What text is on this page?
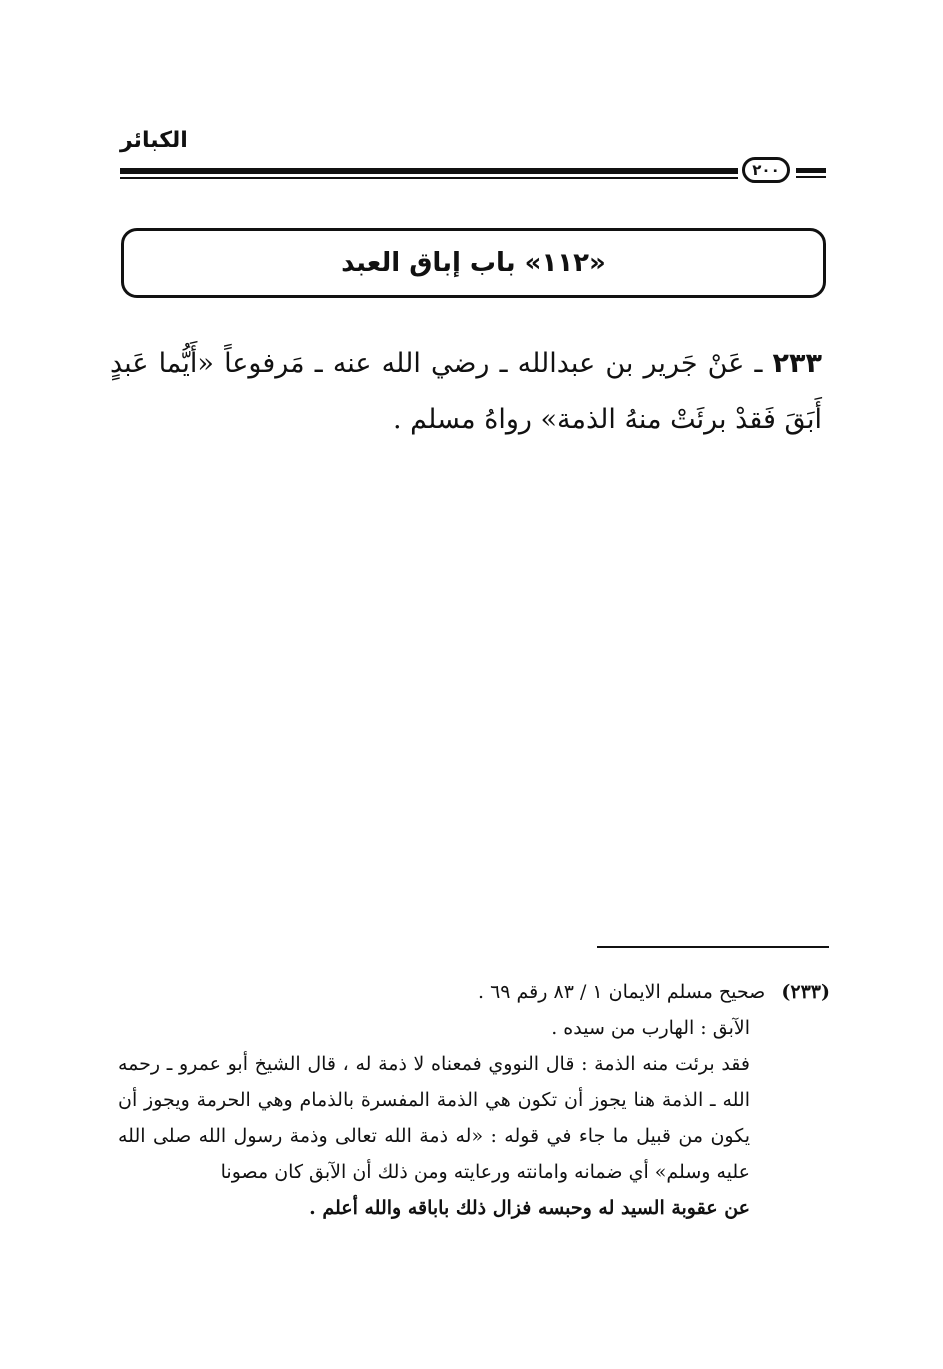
الكبائر
٢٠٠
«١١٢» باب إباق العبد
٢٣٣ ـ عَنْ جَرير بن عبدالله ـ رضي الله عنه ـ مَرفوعاً «أَيُّما عَبدٍ أَبَقَ فَقدْ برئَتْ منهُ الذمة» رواهُ مسلم .
(٢٣٣) صحيح مسلم الايمان ١ / ٨٣ رقم ٦٩ .
الآبق : الهارب من سيده .
فقد برئت منه الذمة : قال النووي فمعناه لا ذمة له ، قال الشيخ أبو عمرو ـ رحمه الله ـ الذمة هنا يجوز أن تكون هي الذمة المفسرة بالذمام وهي الحرمة ويجوز أن يكون من قبيل ما جاء في قوله : «له ذمة الله تعالى وذمة رسول الله صلى الله عليه وسلم» أي ضمانه وامانته ورعايته ومن ذلك أن الآبق كان مصونا
عن عقوبة السيد له وحبسه فزال ذلك باباقه والله أعلم .
